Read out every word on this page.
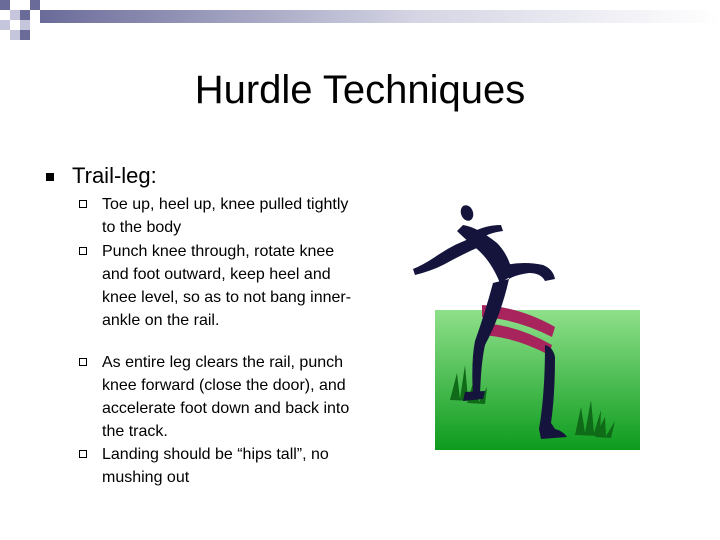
Hurdle Techniques
Trail-leg:
Toe up, heel up, knee pulled tightly to the body
Punch knee through, rotate knee and foot outward, keep heel and knee level, so as to not bang inner-ankle on the rail.
As entire leg clears the rail, punch knee forward (close the door), and accelerate foot down and back into the track.
Landing should be “hips tall”, no mushing out
